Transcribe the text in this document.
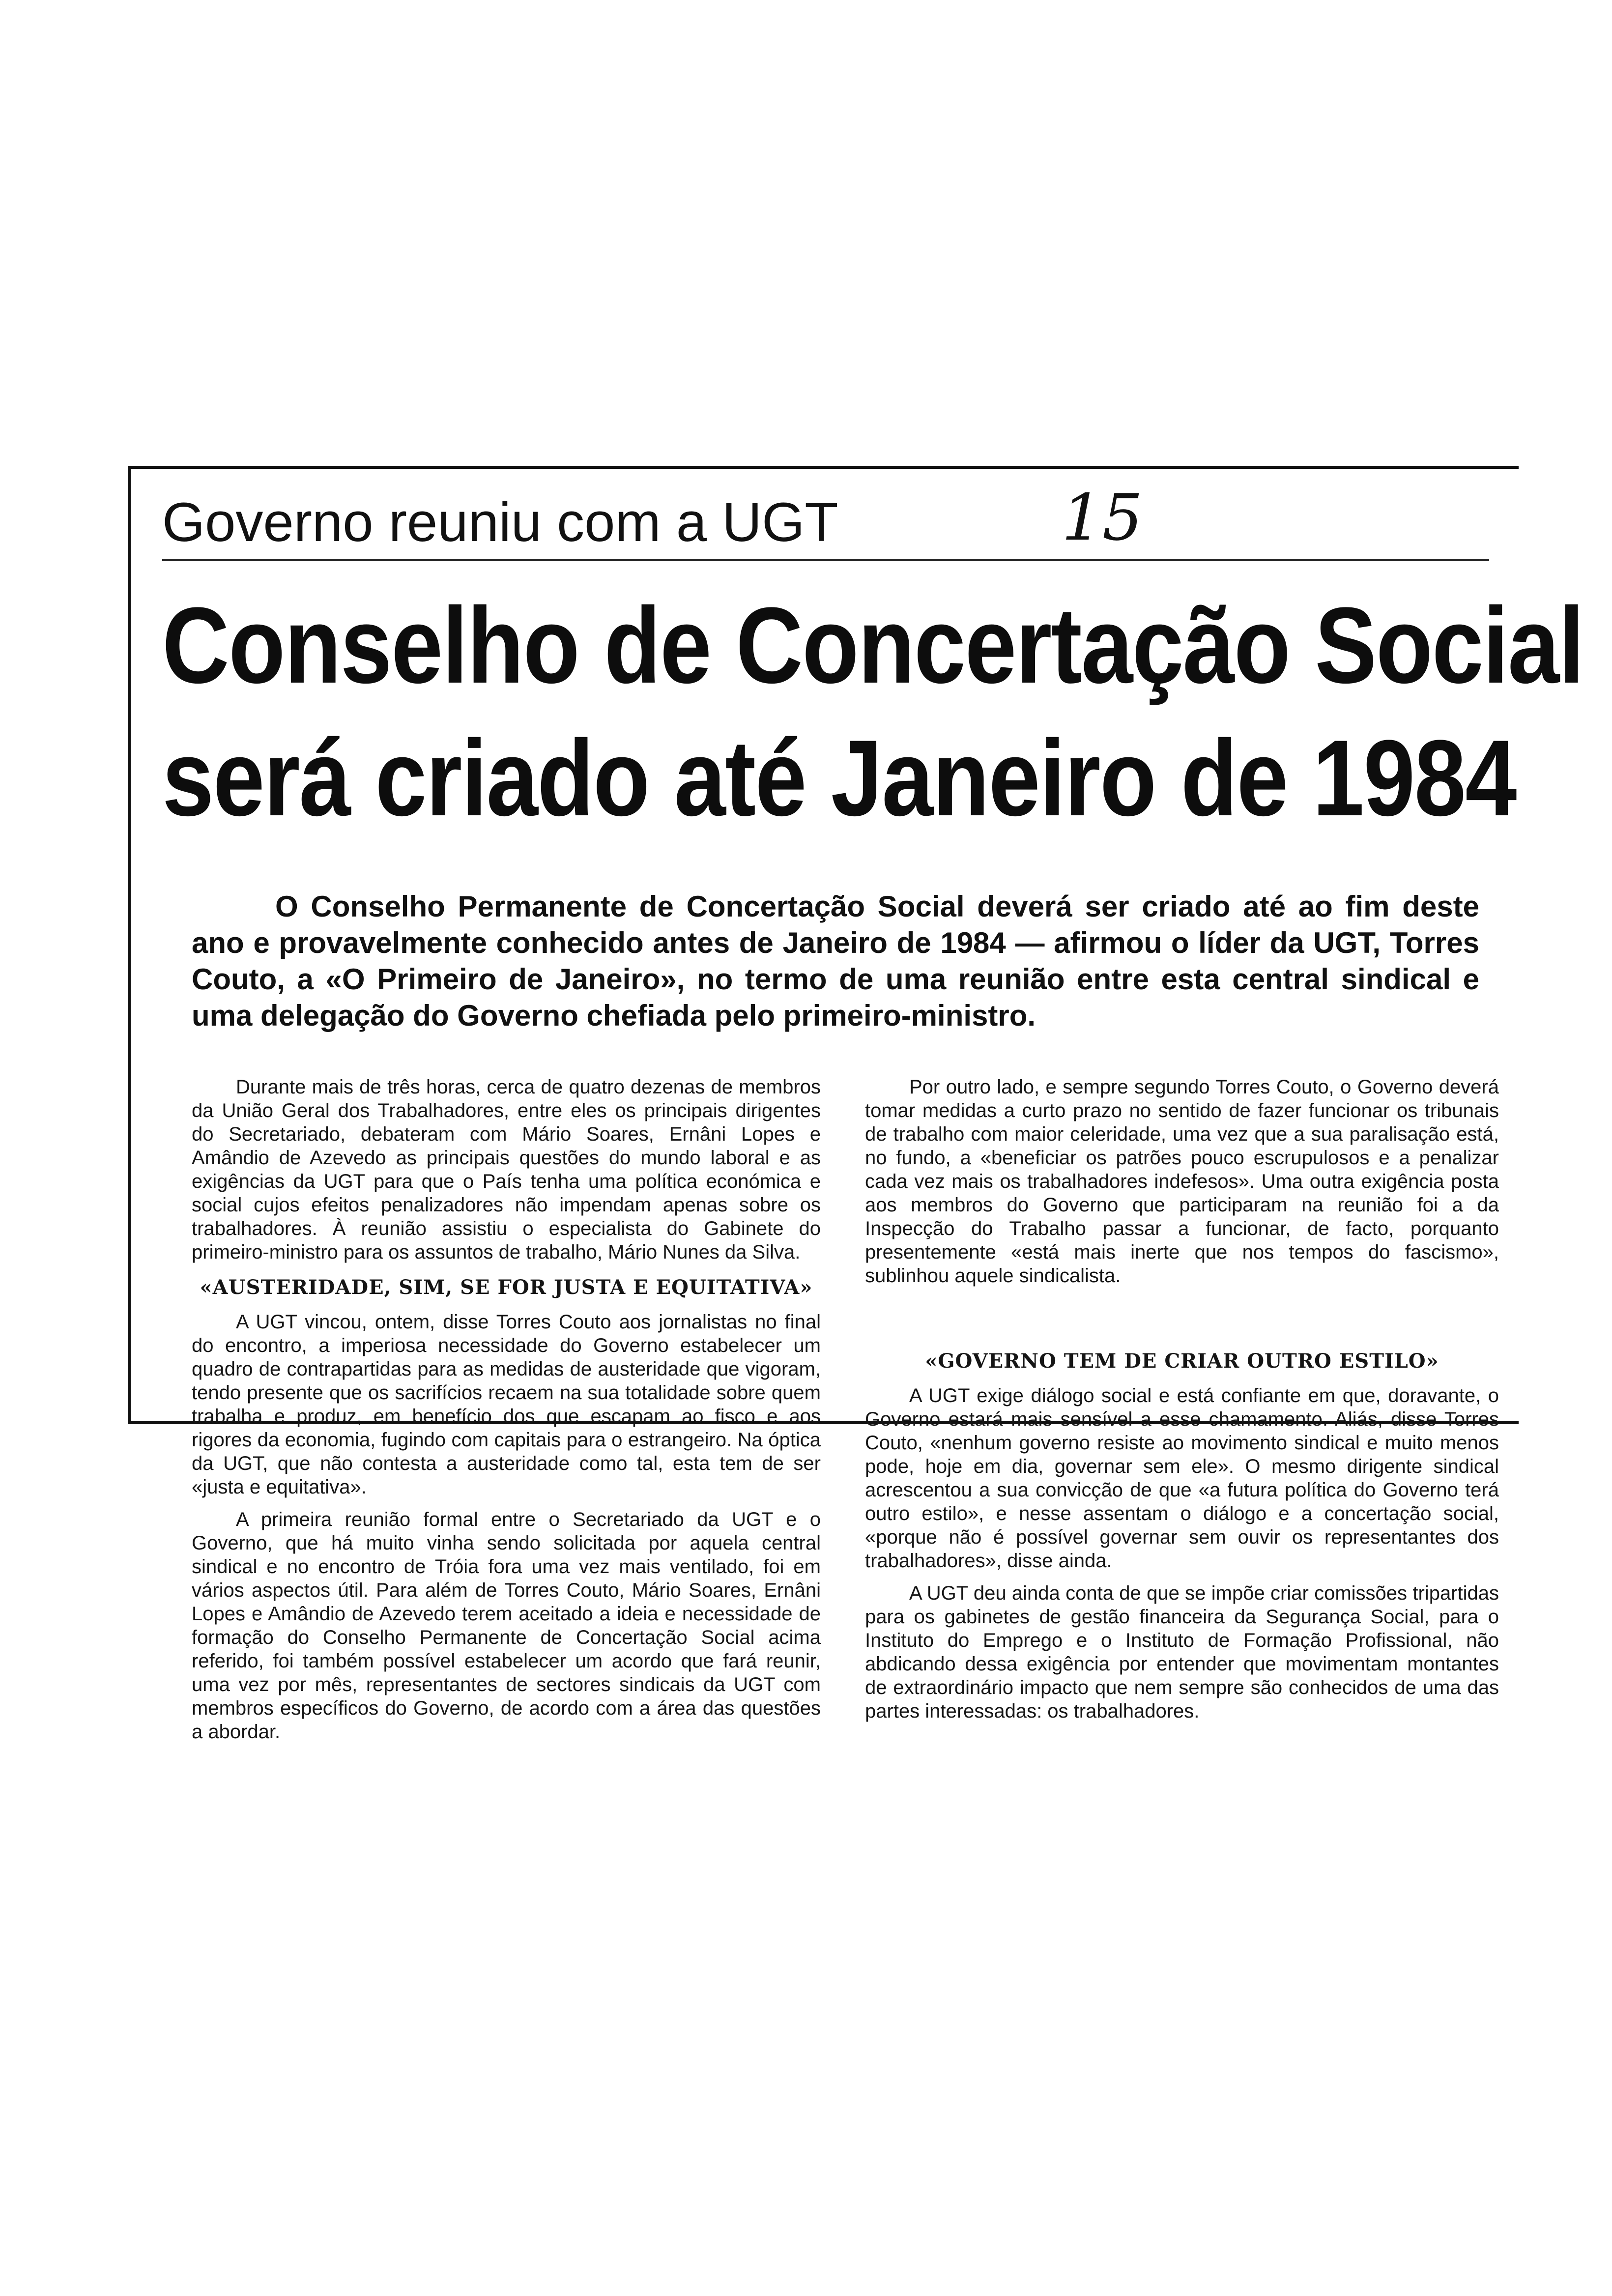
Governo reuniu com a UGT	15
Conselho de Concertação Social
será criado até Janeiro de 1984
O Conselho Permanente de Concertação Social deverá ser criado até ao fim deste ano e provavelmente conhecido antes de Janeiro de 1984 — afirmou o líder da UGT, Torres Couto, a «O Primeiro de Janeiro», no termo de uma reunião entre esta central sindical e uma delegação do Governo chefiada pelo primeiro-ministro.

Durante mais de três horas, cerca de quatro dezenas de membros da União Geral dos Trabalhadores, entre eles os principais dirigentes do Secretariado, debateram com Mário Soares, Ernâni Lopes e Amândio de Azevedo as principais questões do mundo laboral e as exigências da UGT para que o País tenha uma política económica e social cujos efeitos penalizadores não impendam apenas sobre os trabalhadores. À reunião assistiu o especialista do Gabinete do primeiro-ministro para os assuntos de trabalho, Mário Nunes da Silva.

«AUSTERIDADE, SIM, SE FOR JUSTA E EQUITATIVA»

A UGT vincou, ontem, disse Torres Couto aos jornalistas no final do encontro, a imperiosa necessidade do Governo estabelecer um quadro de contrapartidas para as medidas de austeridade que vigoram, tendo presente que os sacrifícios recaem na sua totalidade sobre quem trabalha e produz, em benefício dos que escapam ao fisco e aos rigores da economia, fugindo com capitais para o estrangeiro. Na óptica da UGT, que não contesta a austeridade como tal, esta tem de ser «justa e equitativa».

A primeira reunião formal entre o Secretariado da UGT e o Governo, que há muito vinha sendo solicitada por aquela central sindical e no encontro de Tróia fora uma vez mais ventilado, foi em vários aspectos útil. Para além de Torres Couto, Mário Soares, Ernâni Lopes e Amândio de Azevedo terem aceitado a ideia e necessidade de formação do Conselho Permanente de Concertação Social acima referido, foi também possível estabelecer um acordo que fará reunir, uma vez por mês, representantes de sectores sindicais da UGT com membros específicos do Governo, de acordo com a área das questões a abordar.

Por outro lado, e sempre segundo Torres Couto, o Governo deverá tomar medidas a curto prazo no sentido de fazer funcionar os tribunais de trabalho com maior celeridade, uma vez que a sua paralisação está, no fundo, a «beneficiar os patrões pouco escrupulosos e a penalizar cada vez mais os trabalhadores indefesos». Uma outra exigência posta aos membros do Governo que participaram na reunião foi a da Inspecção do Trabalho passar a funcionar, de facto, porquanto presentemente «está mais inerte que nos tempos do fascismo», sublinhou aquele sindicalista.

«GOVERNO TEM DE CRIAR OUTRO ESTILO»

A UGT exige diálogo social e está confiante em que, doravante, o Governo estará mais sensível a esse chamamento. Aliás, disse Torres Couto, «nenhum governo resiste ao movimento sindical e muito menos pode, hoje em dia, governar sem ele». O mesmo dirigente sindical acrescentou a sua convicção de que «a futura política do Governo terá outro estilo», e nesse assentam o diálogo e a concertação social, «porque não é possível governar sem ouvir os representantes dos trabalhadores», disse ainda.

A UGT deu ainda conta de que se impõe criar comissões tripartidas para os gabinetes de gestão financeira da Segurança Social, para o Instituto do Emprego e o Instituto de Formação Profissional, não abdicando dessa exigência por entender que movimentam montantes de extraordinário impacto que nem sempre são conhecidos de uma das partes interessadas: os trabalhadores.
